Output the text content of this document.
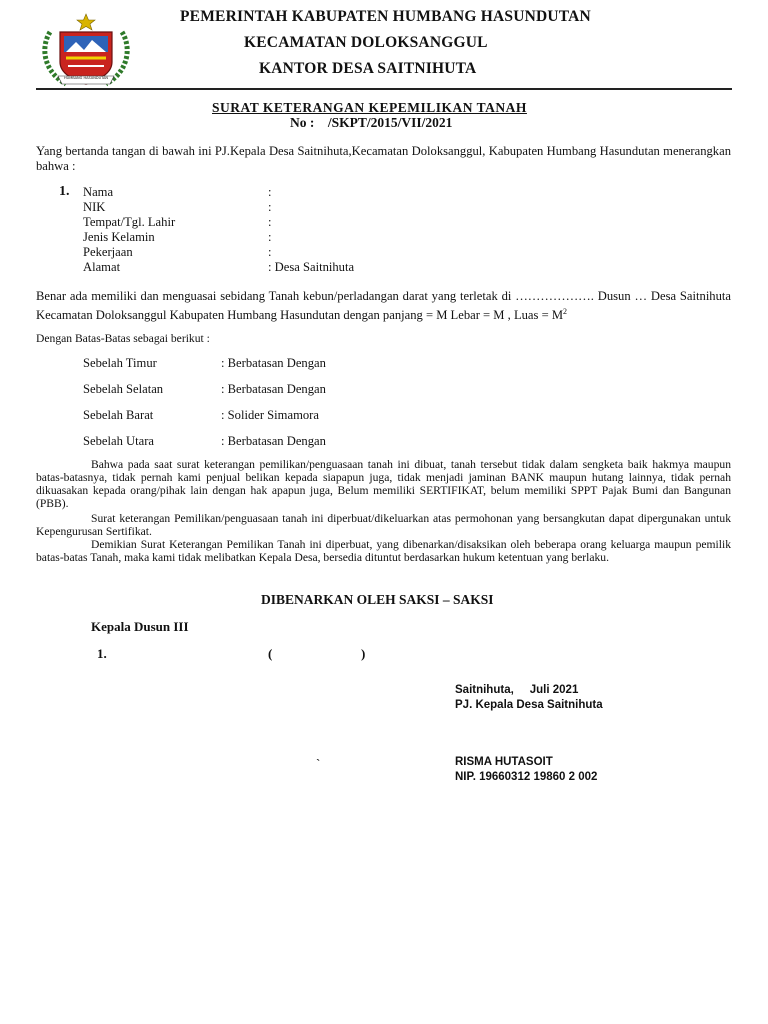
HUMBANG HASUNDUTAN
PEMERINTAH KABUPATEN HUMBANG HASUNDUTAN
KECAMATAN DOLOKSANGGUL
KANTOR DESA SAITNIHUTA
SURAT KETERANGAN KEPEMILIKAN TANAH
No :    /SKPT/2015/VII/2021

Yang bertanda tangan di bawah ini PJ.Kepala Desa Saitnihuta,Kecamatan Doloksanggul, Kabupaten Humbang Hasundutan menerangkan bahwa :

1. Nama	:
NIK	:
Tempat/Tgl. Lahir	:
Jenis Kelamin	:
Pekerjaan	:
Alamat	: Desa Saitnihuta

Benar ada memiliki dan menguasai sebidang Tanah kebun/perladangan darat yang terletak di ………………. Dusun … Desa Saitnihuta Kecamatan Doloksanggul Kabupaten Humbang Hasundutan dengan panjang = M Lebar = M , Luas = $M^2$

Dengan Batas-Batas sebagai berikut :
Sebelah Timur	: Berbatasan Dengan
Sebelah Selatan	: Berbatasan Dengan
Sebelah Barat	: Solider Simamora
Sebelah Utara	: Berbatasan Dengan

Bahwa pada saat surat keterangan pemilikan/penguasaan tanah ini dibuat, tanah tersebut tidak dalam sengketa baik hakmya maupun batas-batasnya, tidak pernah kami penjual belikan kepada siapapun juga, tidak menjadi jaminan BANK maupun hutang lainnya, tidak pernah dikuasakan kepada orang/pihak lain dengan hak apapun juga, Belum memiliki SERTIFIKAT, belum memiliki SPPT Pajak Bumi dan Bangunan (PBB).

Surat keterangan Pemilikan/penguasaan tanah ini diperbuat/dikeluarkan atas permohonan yang bersangkutan dapat dipergunakan untuk Kepengurusan Sertifikat.

Demikian Surat Keterangan Pemilikan Tanah ini diperbuat, yang dibenarkan/disaksikan oleh beberapa orang keluarga maupun pemilik batas-batas Tanah, maka kami tidak melibatkan Kepala Desa, bersedia dituntut berdasarkan hukum ketentuan yang berlaku.

DIBENARKAN OLEH SAKSI – SAKSI
Kepala Dusun III
1.	(	)
Saitnihuta,     Juli 2021
PJ. Kepala Desa Saitnihuta
`	RISMA HUTASOIT
NIP. 19660312 19860 2 002
